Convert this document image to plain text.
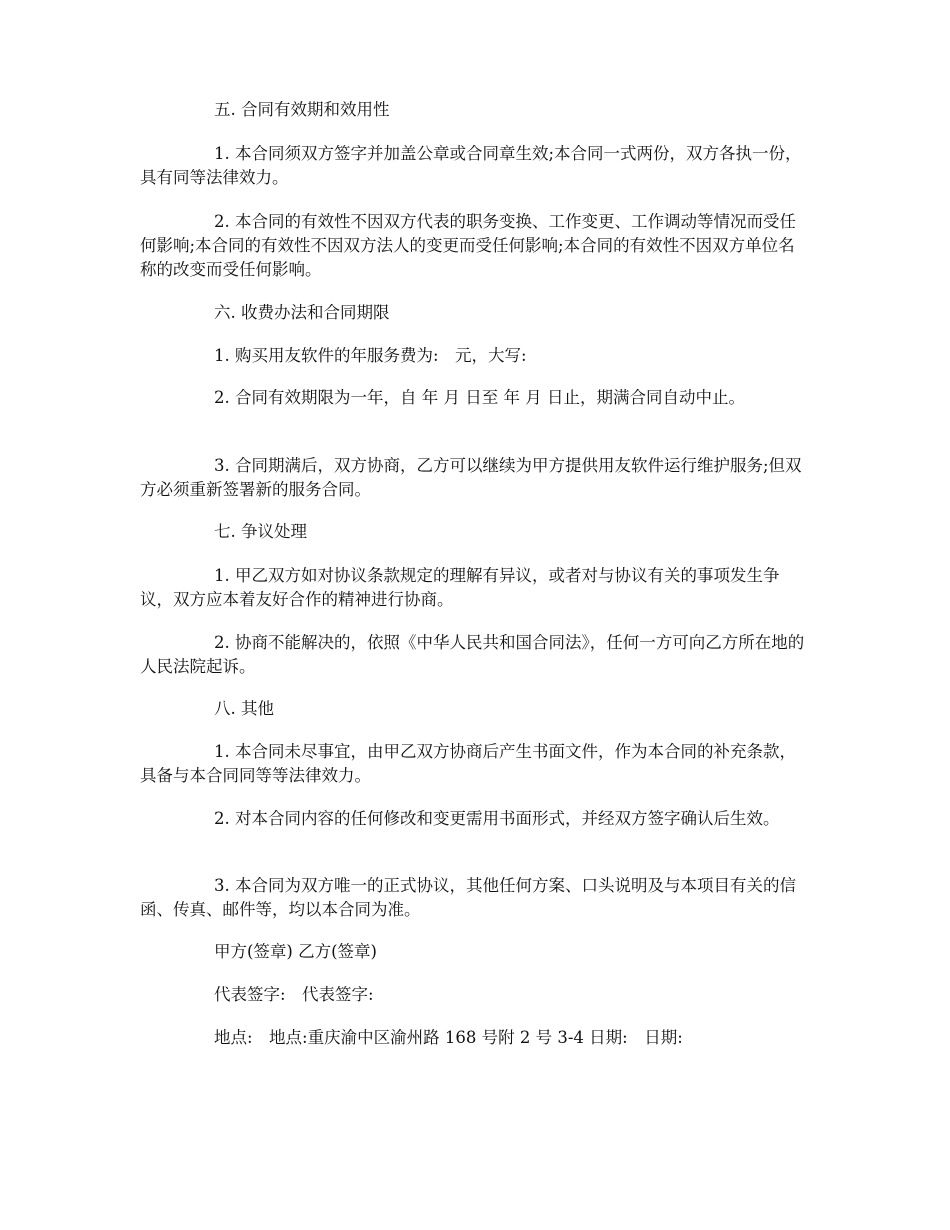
五. 合同有效期和效用性

1. 本合同须双方签字并加盖公章或合同章生效;本合同一式两份，双方各执一份，具有同等法律效力。

2. 本合同的有效性不因双方代表的职务变换、工作变更、工作调动等情况而受任何影响;本合同的有效性不因双方法人的变更而受任何影响;本合同的有效性不因双方单位名称的改变而受任何影响。

六. 收费办法和合同期限

1. 购买用友软件的年服务费为:　元，大写:

2. 合同有效期限为一年，自 年 月 日至 年 月 日止，期满合同自动中止。

3. 合同期满后，双方协商，乙方可以继续为甲方提供用友软件运行维护服务;但双方必须重新签署新的服务合同。

七. 争议处理

1. 甲乙双方如对协议条款规定的理解有异议，或者对与协议有关的事项发生争议，双方应本着友好合作的精神进行协商。

2. 协商不能解决的，依照《中华人民共和国合同法》，任何一方可向乙方所在地的人民法院起诉。

八. 其他

1. 本合同未尽事宜，由甲乙双方协商后产生书面文件，作为本合同的补充条款，具备与本合同同等等法律效力。

2. 对本合同内容的任何修改和变更需用书面形式，并经双方签字确认后生效。

3. 本合同为双方唯一的正式协议，其他任何方案、口头说明及与本项目有关的信函、传真、邮件等，均以本合同为准。

甲方(签章) 乙方(签章)

代表签字:　代表签字:

地点:　地点:重庆渝中区渝州路 168 号附 2 号 3-4 日期:　日期:
